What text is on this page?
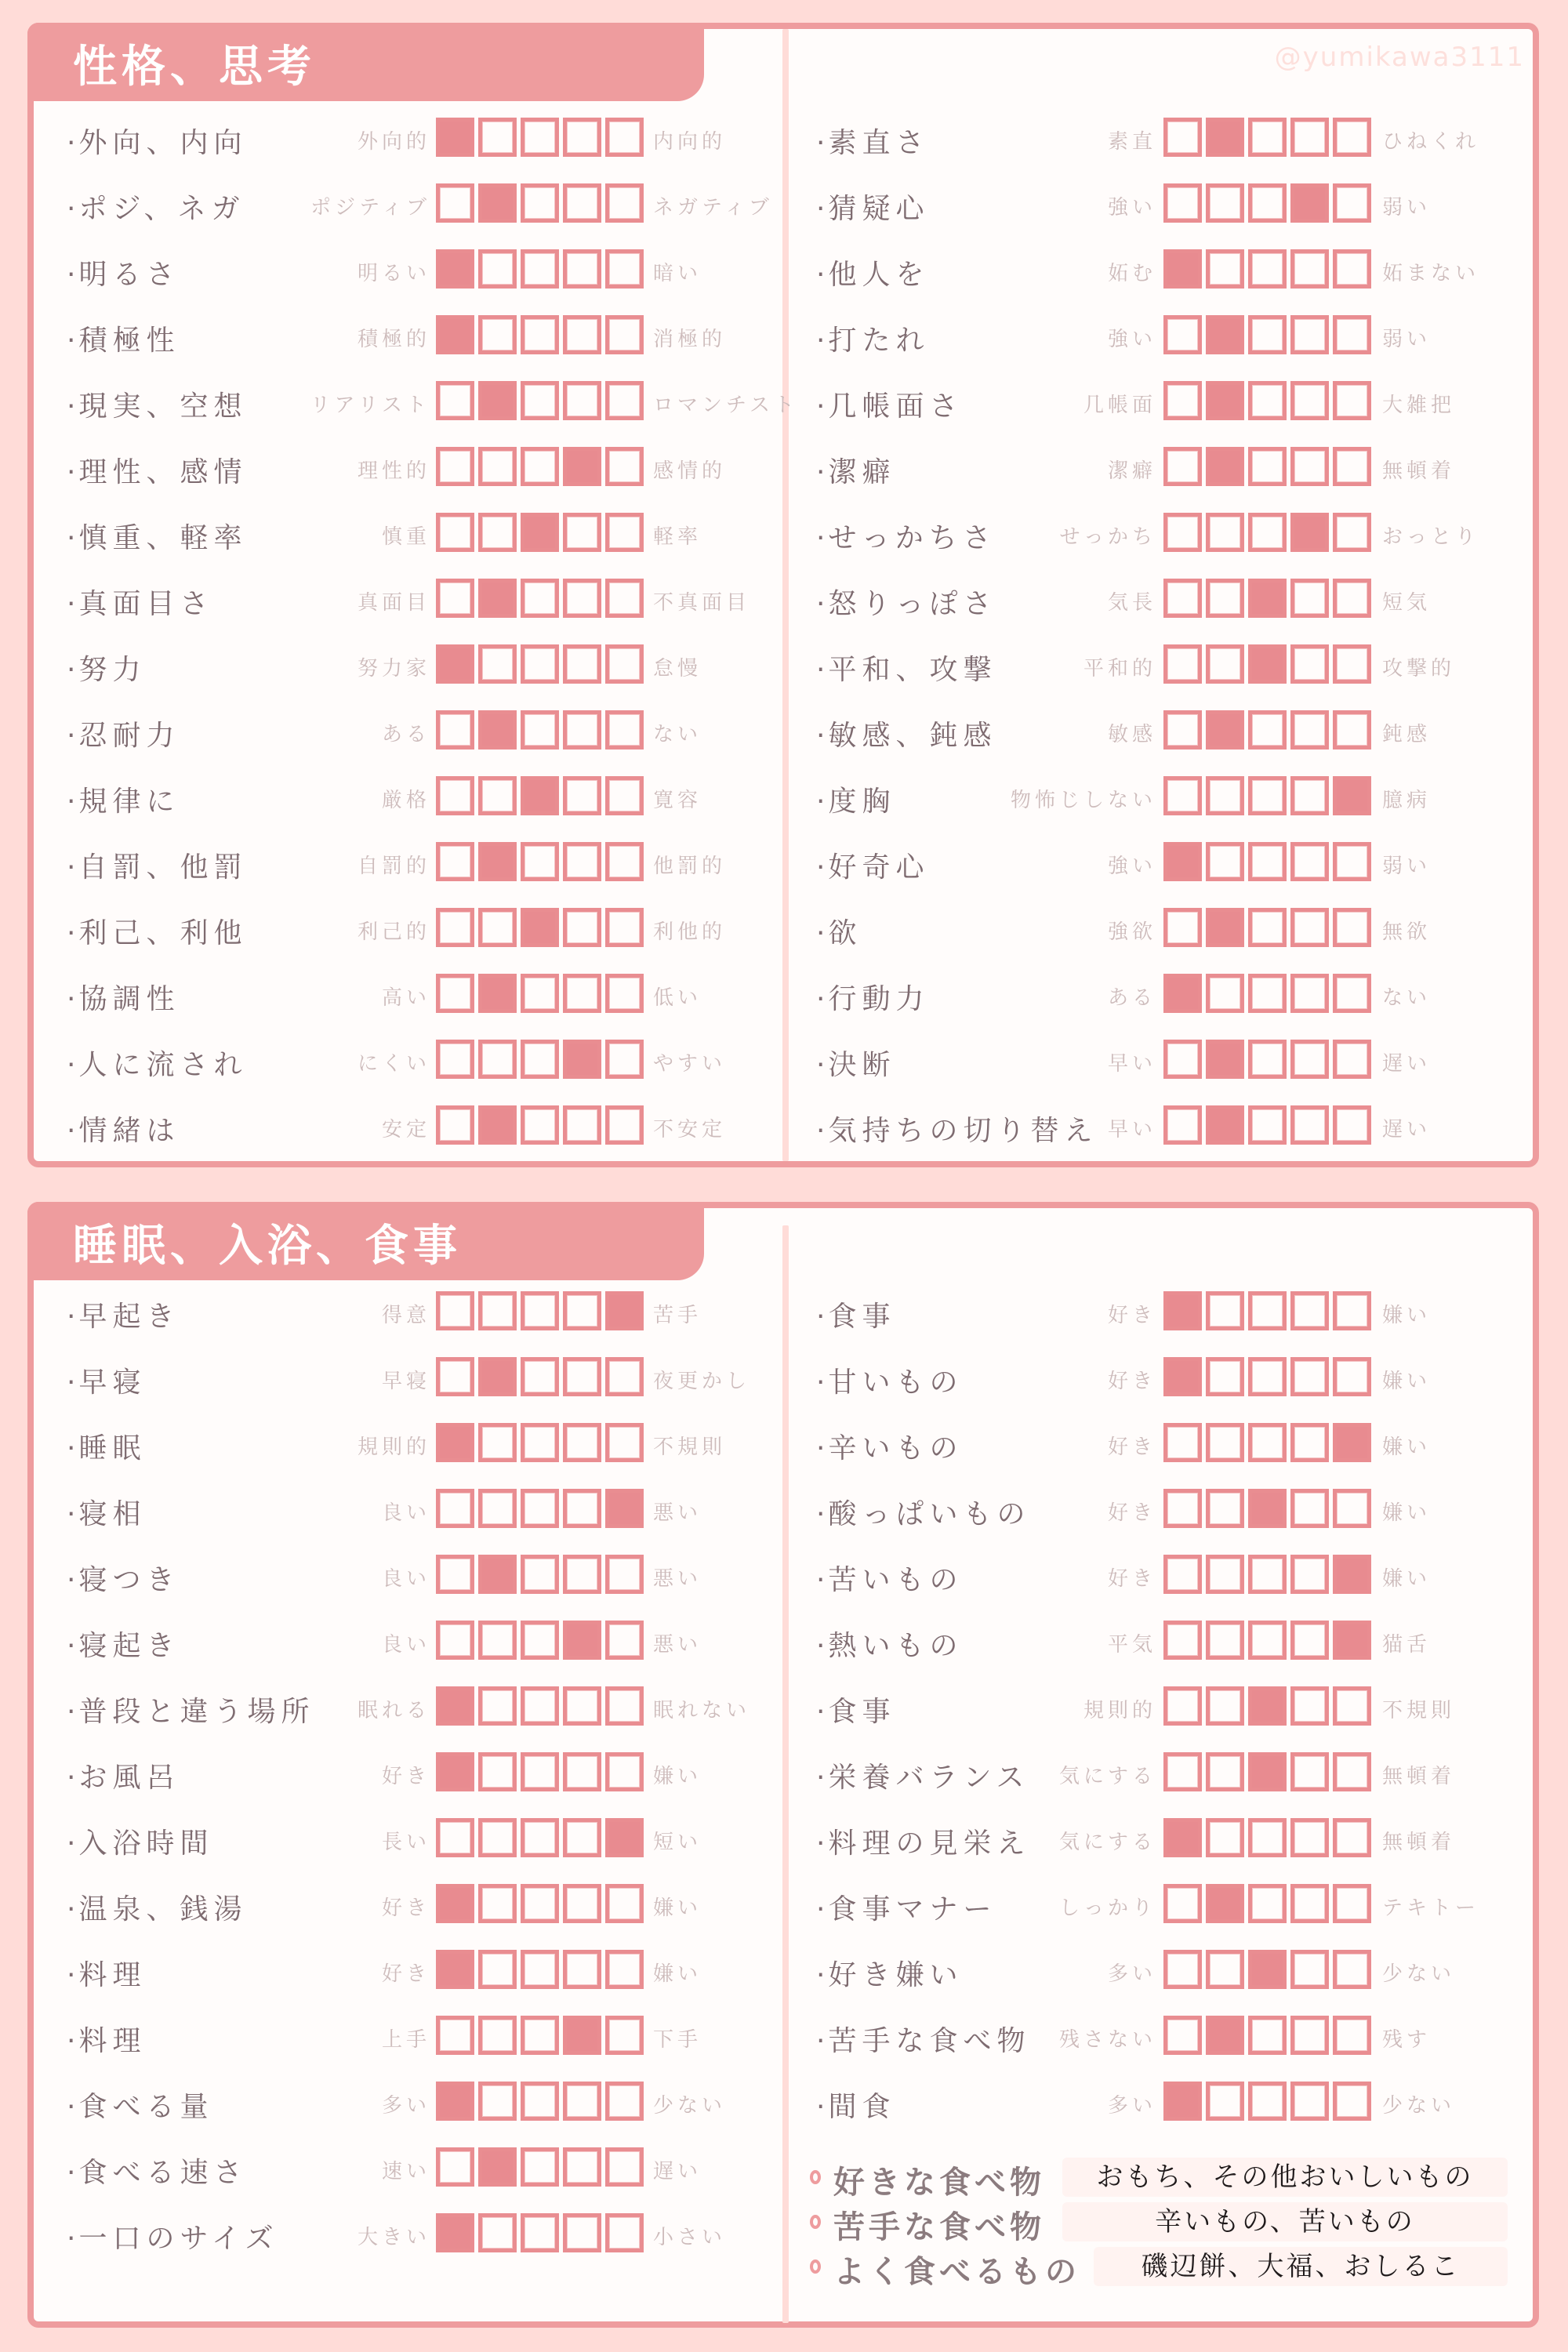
性格、思考	@yumikawa3111
· 外向、内向	外向的	内向的
· ポジ、ネガ	ポジティブ	ネガティブ
· 明るさ	明るい	暗い
· 積極性	積極的	消極的
· 現実、空想	リアリスト	ロマンチスト
· 理性、感情	理性的	感情的
· 慎重、軽率	慎重	軽率
· 真面目さ	真面目	不真面目
· 努力	努力家	怠慢
· 忍耐力	ある	ない
· 規律に	厳格	寛容
· 自罰、他罰	自罰的	他罰的
· 利己、利他	利己的	利他的
· 協調性	高い	低い
· 人に流され	にくい	やすい
· 情緒は	安定	不安定
· 素直さ	素直	ひねくれ
· 猜疑心	強い	弱い
· 他人を	妬む	妬まない
· 打たれ	強い	弱い
· 几帳面さ	几帳面	大雑把
· 潔癖	潔癖	無頓着
· せっかちさ	せっかち	おっとり
· 怒りっぽさ	気長	短気
· 平和、攻撃	平和的	攻撃的
· 敏感、鈍感	敏感	鈍感
· 度胸	物怖じしない	臆病
· 好奇心	強い	弱い
· 欲	強欲	無欲
· 行動力	ある	ない
· 決断	早い	遅い
· 気持ちの切り替え 早い	遅い
睡眠、入浴、食事
· 早起き	得意	苦手
· 早寝	早寝	夜更かし
· 睡眠	規則的	不規則
· 寝相	良い	悪い
· 寝つき	良い	悪い
· 寝起き	良い	悪い
· 普段と違う場所 眠れる	眠れない
· お風呂	好き	嫌い
· 入浴時間	長い	短い
· 温泉、銭湯	好き	嫌い
· 料理	好き	嫌い
· 料理	上手	下手
· 食べる量	多い	少ない
· 食べる速さ	速い	遅い
· 一口のサイズ	大きい	小さい
· 食事	好き	嫌い
· 甘いもの	好き	嫌い
· 辛いもの	好き	嫌い
· 酸っぱいもの	好き	嫌い
· 苦いもの	好き	嫌い
· 熱いもの	平気	猫舌
· 食事	規則的	不規則
· 栄養バランス 気にする	無頓着
· 料理の見栄え 気にする	無頓着
· 食事マナー	しっかり	テキトー
· 好き嫌い	多い	少ない
· 苦手な食べ物 残さない	残す
· 間食	多い	少ない
好きな食べ物	おもち、その他おいしいもの
苦手な食べ物	辛いもの、苦いもの
よく食べるもの	磯辺餅、大福、おしるこ
